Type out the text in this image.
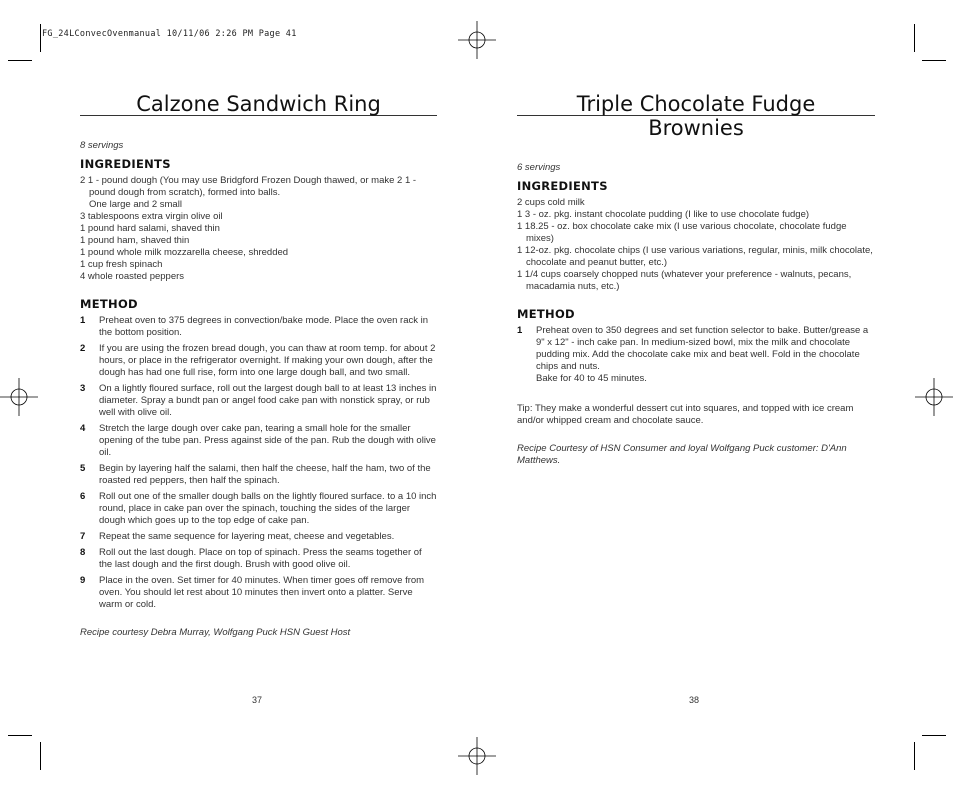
FG_24LConvecOvenmanual 10/11/06 2:26 PM Page 41
Calzone Sandwich Ring

8 servings

INGREDIENTS
2 1 - pound dough (You may use Bridgford Frozen Dough thawed, or make 2 1 - pound dough from scratch), formed into balls.
One large and 2 small
3 tablespoons extra virgin olive oil
1 pound hard salami, shaved thin
1 pound ham, shaved thin
1 pound whole milk mozzarella cheese, shredded
1 cup fresh spinach
4 whole roasted peppers
METHOD
1	Preheat oven to 375 degrees in convection/bake mode. Place the oven rack in the bottom position.
2	If you are using the frozen bread dough, you can thaw at room temp. for about 2 hours, or place in the refrigerator overnight. If making your own dough, after the dough has had one full rise, form into one large dough ball, and two small.
3	On a lightly floured surface, roll out the largest dough ball to at least 13 inches in diameter. Spray a bundt pan or angel food cake pan with nonstick spray, or rub well with olive oil.
4	Stretch the large dough over cake pan, tearing a small hole for the smaller opening of the tube pan. Press against side of the pan. Rub the dough with olive oil.
5	Begin by layering half the salami, then half the cheese, half the ham, two of the roasted red peppers, then half the spinach.
6	Roll out one of the smaller dough balls on the lightly floured surface. to a 10 inch round, place in cake pan over the spinach, touching the sides of the larger dough which goes up to the top edge of cake pan.
7	Repeat the same sequence for layering meat, cheese and vegetables.
8	Roll out the last dough. Place on top of spinach. Press the seams together of the last dough and the first dough. Brush with good olive oil.
9	Place in the oven. Set timer for 40 minutes. When timer goes off remove from oven. You should let rest about 10 minutes then invert onto a platter. Serve warm or cold.

Recipe courtesy Debra Murray, Wolfgang Puck HSN Guest Host

37
Triple Chocolate Fudge
Brownies

6 servings

INGREDIENTS
2 cups cold milk
1 3 - oz. pkg. instant chocolate pudding (I like to use chocolate fudge)
1 18.25 - oz. box chocolate cake mix (I use various chocolate, chocolate fudge mixes)
1 12-oz. pkg. chocolate chips (I use various variations, regular, minis, milk chocolate, chocolate and peanut butter, etc.)
1 1/4 cups coarsely chopped nuts (whatever your preference - walnuts, pecans, macadamia nuts, etc.)
METHOD
1	Preheat oven to 350 degrees and set function selector to bake. Butter/grease a 9" x 12" - inch cake pan. In medium-sized bowl, mix the milk and chocolate pudding mix. Add the chocolate cake mix and beat well. Fold in the chocolate chips and nuts.
Bake for 40 to 45 minutes.

Tip: They make a wonderful dessert cut into squares, and topped with ice cream and/or whipped cream and chocolate sauce.

Recipe Courtesy of HSN Consumer and loyal Wolfgang Puck customer: D'Ann Matthews.

38
